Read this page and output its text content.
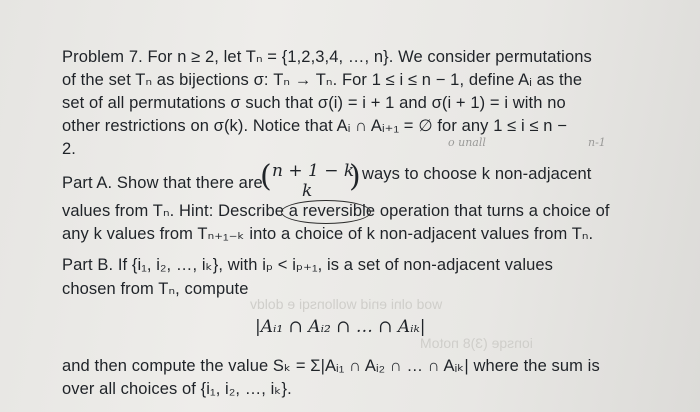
wod olni enid wollonsqi e doldv
ionsqe (3)8 notoM
Problem 7. For n ≥ 2, let Tₙ = {1,2,3,4, …, n}. We consider permutations
of the set Tₙ as bijections σ: Tₙ → Tₙ. For 1 ≤ i ≤ n − 1, define Aᵢ as the
set of all permutations σ such that σ(i) = i + 1 and σ(i + 1) = i with no
other restrictions on σ(k). Notice that Aᵢ ∩ Aᵢ₊₁ = ∅ for any 1 ≤ i ≤ n −
2.	o unall	n-1
Part A. Show that there are
( n + 1 − k
k ) ways to choose k non-adjacent
values from Tₙ. Hint: Describe a reversible operation that turns a choice of
any k values from Tₙ₊₁₋ₖ into a choice of k non-adjacent values from Tₙ.
Part B. If {i₁, i₂, …, iₖ}, with iₚ < iₚ₊₁, is a set of non-adjacent values
chosen from Tₙ, compute
|Aᵢ₁ ∩ Aᵢ₂ ∩ … ∩ Aᵢₖ|
and then compute the value Sₖ = Σ|Aᵢ₁ ∩ Aᵢ₂ ∩ … ∩ Aᵢₖ| where the sum is
over all choices of {i₁, i₂, …, iₖ}.
